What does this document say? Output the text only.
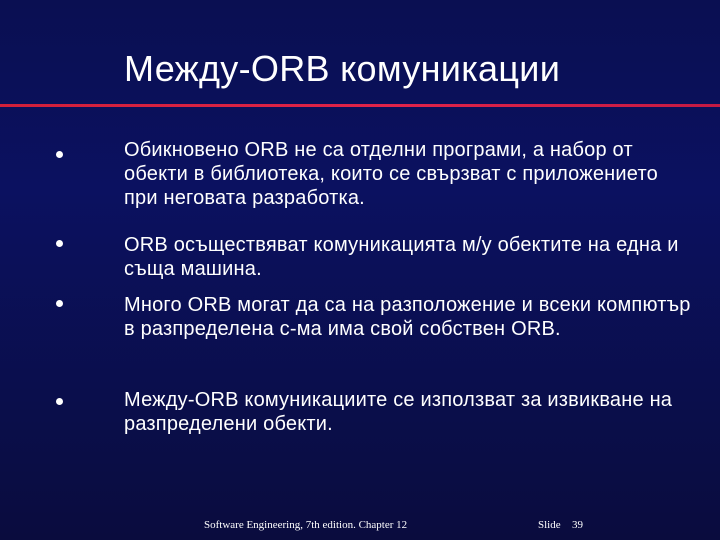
Между-ORB комуникации
Обикновено ORB не са отделни програми, а набор от обекти в библиотека, които се свързват с приложението при неговата разработка.
ORB осъществяват комуникацията м/у обектите на една и съща машина.
Много ORB могат да са на разположение и всеки компютър в разпределена с-ма има свой собствен ORB.
Между-ORB комуникациите се използват за извикване на разпределени обекти.
Software Engineering, 7th edition. Chapter 12	Slide 39
